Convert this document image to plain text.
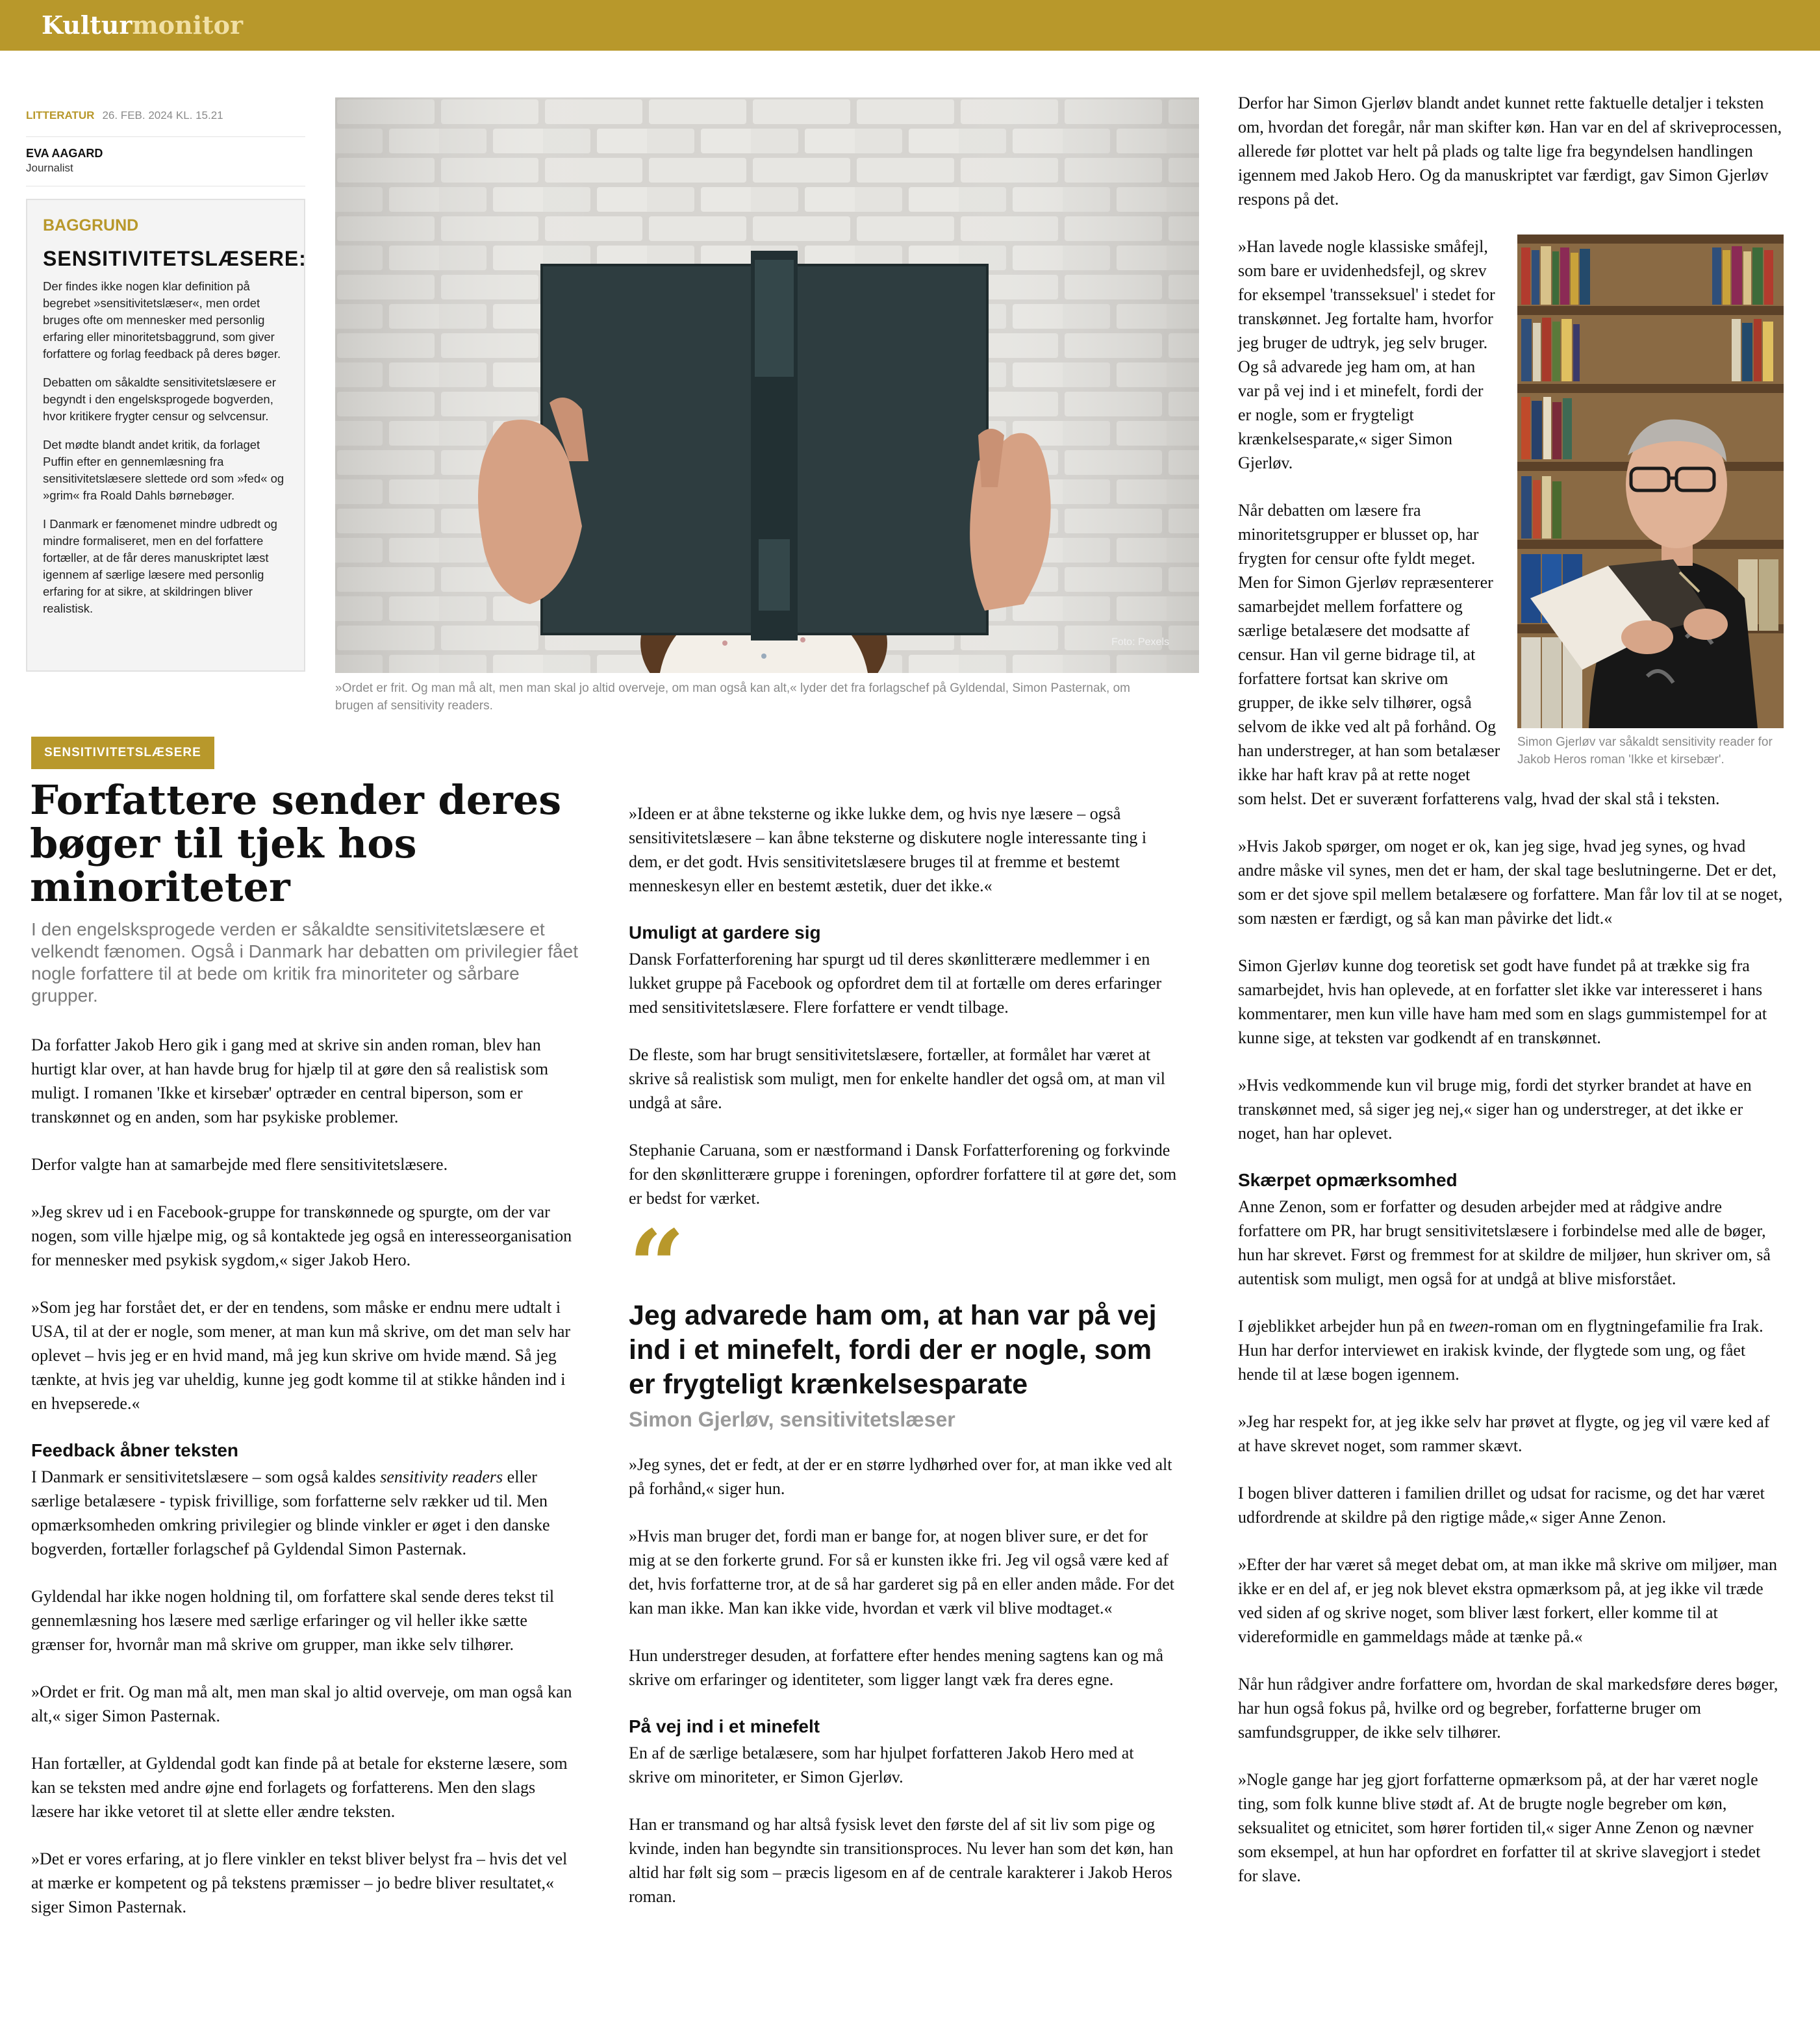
Kulturmonitor
LITTERATUR 26. FEB. 2024 KL. 15.21
EVA AAGARD
Journalist
BAGGRUND
SENSITIVITETSLÆSERE:

Der findes ikke nogen klar definition på begrebet »sensitivitetslæser«, men ordet bruges ofte om mennesker med personlig erfaring eller minoritetsbaggrund, som giver forfattere og forlag feedback på deres bøger.

Debatten om såkaldte sensitivitetslæsere er begyndt i den engelsksprogede bogverden, hvor kritikere frygter censur og selvcensur.

Det mødte blandt andet kritik, da forlaget Puffin efter en gennemlæsning fra sensitivitetslæsere slettede ord som »fed« og »grim« fra Roald Dahls børnebøger.

I Danmark er fænomenet mindre udbredt og mindre formaliseret, men en del forfattere fortæller, at de får deres manuskriptet læst igennem af særlige læsere med personlig erfaring for at sikre, at skildringen bliver realistisk.

Foto: Pexels
»Ordet er frit. Og man må alt, men man skal jo altid overveje, om man også kan alt,« lyder det fra forlagschef på Gyldendal, Simon Pasternak, om brugen af sensitivity readers.
SENSITIVITETSLÆSERE
Forfattere sender deres bøger til tjek hos minoriteter

I den engelsksprogede verden er såkaldte sensitivitetslæsere et velkendt fænomen. Også i Danmark har debatten om privilegier fået nogle forfattere til at bede om kritik fra minoriteter og sårbare grupper.

Da forfatter Jakob Hero gik i gang med at skrive sin anden roman, blev han hurtigt klar over, at han havde brug for hjælp til at gøre den så realistisk som muligt. I romanen 'Ikke et kirsebær' optræder en central biperson, som er transkønnet og en anden, som har psykiske problemer.

Derfor valgte han at samarbejde med flere sensitivitetslæsere.

»Jeg skrev ud i en Facebook-gruppe for transkønnede og spurgte, om der var nogen, som ville hjælpe mig, og så kontaktede jeg også en interesseorganisation for mennesker med psykisk sygdom,« siger Jakob Hero.

»Som jeg har forstået det, er der en tendens, som måske er endnu mere udtalt i USA, til at der er nogle, som mener, at man kun må skrive, om det man selv har oplevet – hvis jeg er en hvid mand, må jeg kun skrive om hvide mænd. Så jeg tænkte, at hvis jeg var uheldig, kunne jeg godt komme til at stikke hånden ind i en hvepserede.«

Feedback åbner teksten

I Danmark er sensitivitetslæsere – som også kaldes sensitivity readers eller særlige betalæsere - typisk frivillige, som forfatterne selv rækker ud til. Men opmærksomheden omkring privilegier og blinde vinkler er øget i den danske bogverden, fortæller forlagschef på Gyldendal Simon Pasternak.

Gyldendal har ikke nogen holdning til, om forfattere skal sende deres tekst til gennemlæsning hos læsere med særlige erfaringer og vil heller ikke sætte grænser for, hvornår man må skrive om grupper, man ikke selv tilhører.

»Ordet er frit. Og man må alt, men man skal jo altid overveje, om man også kan alt,« siger Simon Pasternak.

Han fortæller, at Gyldendal godt kan finde på at betale for eksterne læsere, som kan se teksten med andre øjne end forlagets og forfatterens. Men den slags læsere har ikke vetoret til at slette eller ændre teksten.

»Det er vores erfaring, at jo flere vinkler en tekst bliver belyst fra – hvis det vel at mærke er kompetent og på tekstens præmisser – jo bedre bliver resultatet,« siger Simon Pasternak.

»Ideen er at åbne teksterne og ikke lukke dem, og hvis nye læsere – også sensitivitetslæsere – kan åbne teksterne og diskutere nogle interessante ting i dem, er det godt. Hvis sensitivitetslæsere bruges til at fremme et bestemt menneskesyn eller en bestemt æstetik, duer det ikke.«

Umuligt at gardere sig

Dansk Forfatterforening har spurgt ud til deres skønlitterære medlemmer i en lukket gruppe på Facebook og opfordret dem til at fortælle om deres erfaringer med sensitivitetslæsere. Flere forfattere er vendt tilbage.

De fleste, som har brugt sensitivitetslæsere, fortæller, at formålet har været at skrive så realistisk som muligt, men for enkelte handler det også om, at man vil undgå at såre.

Stephanie Caruana, som er næstformand i Dansk Forfatterforening og forkvinde for den skønlitterære gruppe i foreningen, opfordrer forfattere til at gøre det, som er bedst for værket.

“
Jeg advarede ham om, at han var på vej ind i et minefelt, fordi der er nogle, som er frygteligt krænkelsesparate
Simon Gjerløv, sensitivitetslæser

»Jeg synes, det er fedt, at der er en større lydhørhed over for, at man ikke ved alt på forhånd,« siger hun.

»Hvis man bruger det, fordi man er bange for, at nogen bliver sure, er det for mig at se den forkerte grund. For så er kunsten ikke fri. Jeg vil også være ked af det, hvis forfatterne tror, at de så har garderet sig på en eller anden måde. For det kan man ikke. Man kan ikke vide, hvordan et værk vil blive modtaget.«

Hun understreger desuden, at forfattere efter hendes mening sagtens kan og må skrive om erfaringer og identiteter, som ligger langt væk fra deres egne.

På vej ind i et minefelt

En af de særlige betalæsere, som har hjulpet forfatteren Jakob Hero med at skrive om minoriteter, er Simon Gjerløv.

Han er transmand og har altså fysisk levet den første del af sit liv som pige og kvinde, inden han begyndte sin transitionsproces. Nu lever han som det køn, han altid har følt sig som – præcis ligesom en af de centrale karakterer i Jakob Heros roman.

Derfor har Simon Gjerløv blandt andet kunnet rette faktuelle detaljer i teksten om, hvordan det foregår, når man skifter køn. Han var en del af skriveprocessen, allerede før plottet var helt på plads og talte lige fra begyndelsen handlingen igennem med Jakob Hero. Og da manuskriptet var færdigt, gav Simon Gjerløv respons på det.

Simon Gjerløv var såkaldt sensitivity reader for Jakob Heros roman 'Ikke et kirsebær'.

»Han lavede nogle klassiske småfejl, som bare er uvidenhedsfejl, og skrev for eksempel 'transseksuel' i stedet for transkønnet. Jeg fortalte ham, hvorfor jeg bruger de udtryk, jeg selv bruger. Og så advarede jeg ham om, at han var på vej ind i et minefelt, fordi der er nogle, som er frygteligt krænkelsesparate,« siger Simon Gjerløv.

Når debatten om læsere fra minoritetsgrupper er blusset op, har frygten for censur ofte fyldt meget. Men for Simon Gjerløv repræsenterer samarbejdet mellem forfattere og særlige betalæsere det modsatte af censur. Han vil gerne bidrage til, at forfattere fortsat kan skrive om grupper, de ikke selv tilhører, også selvom de ikke ved alt på forhånd. Og han understreger, at han som betalæser ikke har haft krav på at rette noget som helst. Det er suverænt forfatterens valg, hvad der skal stå i teksten.

»Hvis Jakob spørger, om noget er ok, kan jeg sige, hvad jeg synes, og hvad andre måske vil synes, men det er ham, der skal tage beslutningerne. Det er det, som er det sjove spil mellem betalæsere og forfattere. Man får lov til at se noget, som næsten er færdigt, og så kan man påvirke det lidt.«

Simon Gjerløv kunne dog teoretisk set godt have fundet på at trække sig fra samarbejdet, hvis han oplevede, at en forfatter slet ikke var interesseret i hans kommentarer, men kun ville have ham med som en slags gummistempel for at kunne sige, at teksten var godkendt af en transkønnet.

»Hvis vedkommende kun vil bruge mig, fordi det styrker brandet at have en transkønnet med, så siger jeg nej,« siger han og understreger, at det ikke er noget, han har oplevet.

Skærpet opmærksomhed

Anne Zenon, som er forfatter og desuden arbejder med at rådgive andre forfattere om PR, har brugt sensitivitetslæsere i forbindelse med alle de bøger, hun har skrevet. Først og fremmest for at skildre de miljøer, hun skriver om, så autentisk som muligt, men også for at undgå at blive misforstået.

I øjeblikket arbejder hun på en tween-roman om en flygtningefamilie fra Irak. Hun har derfor interviewet en irakisk kvinde, der flygtede som ung, og fået hende til at læse bogen igennem.

»Jeg har respekt for, at jeg ikke selv har prøvet at flygte, og jeg vil være ked af at have skrevet noget, som rammer skævt.

I bogen bliver datteren i familien drillet og udsat for racisme, og det har været udfordrende at skildre på den rigtige måde,« siger Anne Zenon.

»Efter der har været så meget debat om, at man ikke må skrive om miljøer, man ikke er en del af, er jeg nok blevet ekstra opmærksom på, at jeg ikke vil træde ved siden af og skrive noget, som bliver læst forkert, eller komme til at videreformidle en gammeldags måde at tænke på.«

Når hun rådgiver andre forfattere om, hvordan de skal markedsføre deres bøger, har hun også fokus på, hvilke ord og begreber, forfatterne bruger om samfundsgrupper, de ikke selv tilhører.

»Nogle gange har jeg gjort forfatterne opmærksom på, at der har været nogle ting, som folk kunne blive stødt af. At de brugte nogle begreber om køn, seksualitet og etnicitet, som hører fortiden til,« siger Anne Zenon og nævner som eksempel, at hun har opfordret en forfatter til at skrive slavegjort i stedet for slave.
